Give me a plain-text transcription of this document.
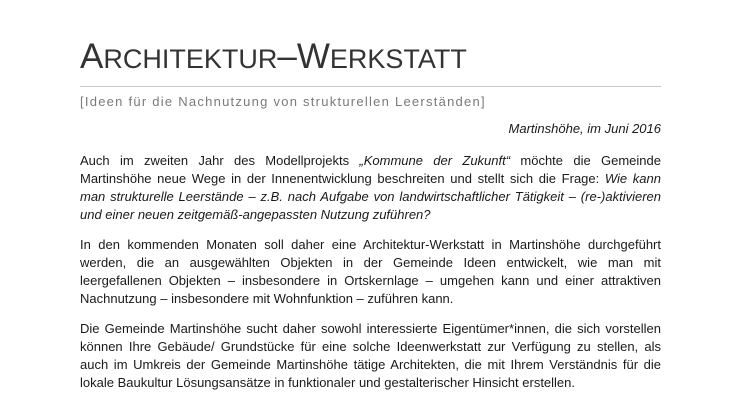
ARCHITEKTUR–WERKSTATT
[Ideen für die Nachnutzung von strukturellen Leerständen]
Martinshöhe, im Juni 2016

Auch im zweiten Jahr des Modellprojekts „Kommune der Zukunft“ möchte die Gemeinde Martinshöhe neue Wege in der Innenentwicklung beschreiten und stellt sich die Frage: Wie kann man strukturelle Leerstände – z.B. nach Aufgabe von landwirtschaftlicher Tätigkeit – (re-)aktivieren und einer neuen zeitgemäß-angepassten Nutzung zuführen?

In den kommenden Monaten soll daher eine Architektur-Werkstatt in Martinshöhe durchgeführt werden, die an ausgewählten Objekten in der Gemeinde Ideen entwickelt, wie man mit leergefallenen Objekten – insbesondere in Ortskernlage – umgehen kann und einer attraktiven Nachnutzung – insbesondere mit Wohnfunktion – zuführen kann.

Die Gemeinde Martinshöhe sucht daher sowohl interessierte Eigentümer*innen, die sich vorstellen können Ihre Gebäude/ Grundstücke für eine solche Ideenwerkstatt zur Verfügung zu stellen, als auch im Umkreis der Gemeinde Martinshöhe tätige Architekten, die mit Ihrem Verständnis für die lokale Baukultur Lösungsansätze in funktionaler und gestalterischer Hinsicht erstellen.
